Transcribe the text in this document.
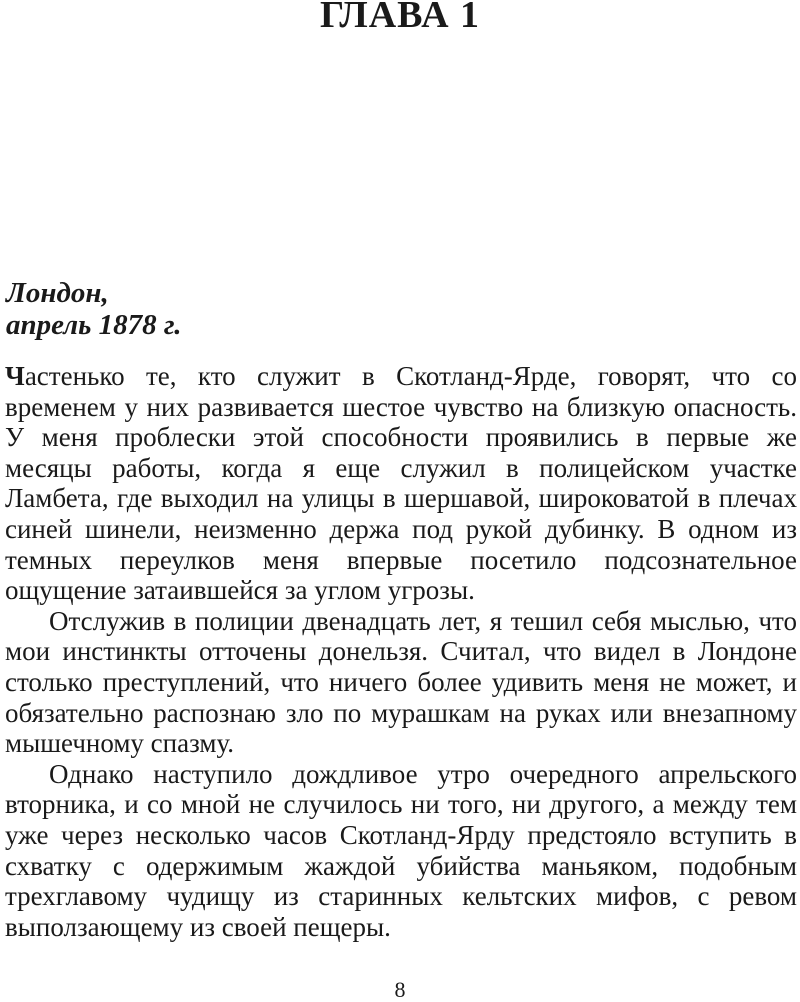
ГЛАВА 1
Лондон,
апрель 1878 г.

Частенько те, кто служит в Скотланд-Ярде, говорят, что со временем у них развивается шестое чувство на близкую опасность. У меня проблески этой способности проявились в первые же месяцы работы, когда я еще служил в полицейском участке Ламбета, где выходил на улицы в шершавой, широковатой в плечах синей шинели, неизменно держа под рукой дубинку. В одном из темных переулков меня впервые посетило подсознательное ощущение затаившейся за углом угрозы.

Отслужив в полиции двенадцать лет, я тешил себя мыслью, что мои инстинкты отточены донельзя. Считал, что видел в Лондоне столько преступлений, что ничего более удивить меня не может, и обязательно распознаю зло по мурашкам на руках или внезапному мышечному спазму.

Однако наступило дождливое утро очередного апрельского вторника, и со мной не случилось ни того, ни другого, а между тем уже через несколько часов Скотланд-Ярду предстояло вступить в схватку с одержимым жаждой убийства маньяком, подобным трехглавому чудищу из старинных кельтских мифов, с ревом выползающему из своей пещеры.

8
